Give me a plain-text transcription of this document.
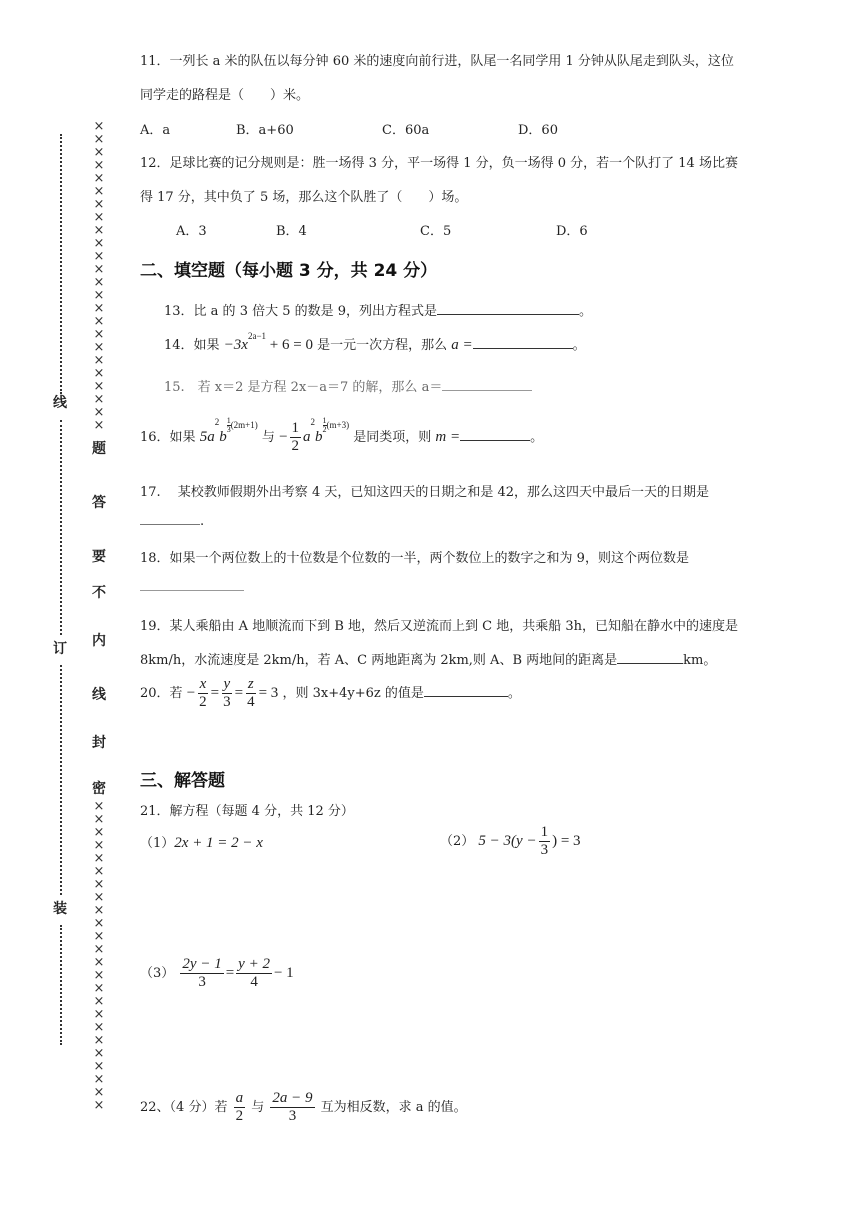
线
订
装
××××××××××××××××××××××××
题
答
要
不
内
线
封
密
××××××××××××××××××××××××
11．一列长 a 米的队伍以每分钟 60 米的速度向前行进，队尾一名同学用 1 分钟从队尾走到队头，这位
同学走的路程是（　　）米。
A．a	B．a+60	C．60a	D．60
12．足球比赛的记分规则是：胜一场得 3 分，平一场得 1 分，负一场得 0 分，若一个队打了 14 场比赛
得 17 分，其中负了 5 场，那么这个队胜了（　　）场。
A．3	B．4	C．5	D．6
二、填空题（每小题 3 分，共 24 分）
13．比 a 的 3 倍大 5 的数是 9，列出方程式是	。
14．如果 $-3x^{2a-1} + 6 = 0$ 是一元一次方程，那么 a =	。
15.　若 x＝2 是方程 2x－a＝7 的解，那么 a＝
16．如果 $5a^2b$
$^{\frac{1}{3} (2m+1)}$ 与 − $\frac{1}{2} a^2b$
$^{\frac{1}{2} (m+3)}$ 是同类项，则 m =	。
17.　 某校教师假期外出考察 4 天，已知这四天的日期之和是 42，那么这四天中最后一天的日期是
.
18．如果一个两位数上的十位数是个位数的一半，两个数位上的数字之和为 9，则这个两位数是
19．某人乘船由 A 地顺流而下到 B 地，然后又逆流而上到 C 地，共乘船 3h，已知船在静水中的速度是
8km/h，水流速度是 2km/h，若 A、C 两地距离为 2km,则 A、B 两地间的距离是	km。
20．若 − $\frac{x}{2} = \frac{y}{3} = \frac{z}{4} = 3$ ，则 3x+4y+6z 的值是	。
三、解答题
21．解方程（每题 4 分，共 12 分）
（1）2x + 1 = 2 − x	（2） $5 - 3(y - \frac{1}{3}$ ) = 3
$(3) \frac{2y - 1}{3} = \frac{y + 2}{4} - 1$
22、（4 分）若 $\frac{a}{2}$ 与 $\frac{2a - 9}{3}$ 互为相反数，求 a 的值。
